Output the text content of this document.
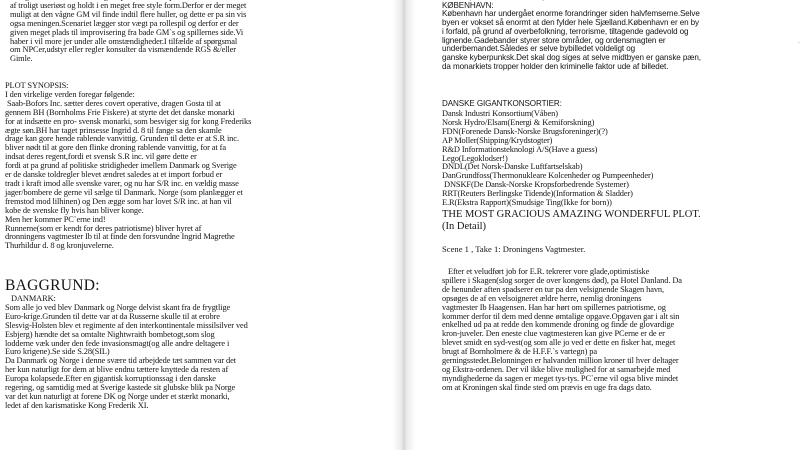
af troligt useriøst og holdt i en meget free style form.Derfor er der meget
muligt at den vågne GM vil finde indtil flere huller, og dette er pa sin vis
ogsa meningen.Scenariet lægger stor vægt pa rollespil og derfor er der
given meget plads til improvisering fra bade GM`s og spillernes side.Vi
haber i vil more jer under alle omstændigheder.I tilfælde af spørgsmal
om NPCer,udstyr eller regler konsulter da vismændende RGS &/eller
Gimle.

PLOT SYNOPSIS:
I den virkelige verden foregar følgende:
Saab-Bofors Inc. sætter deres covert operative, dragen Gosta til at
gennem BH (Bornholms Frie Fiskere) at styrte det det danske monarki
for at indsætte en pro- svensk monarki, som besviger sig for kong Frederiks
ægte søn.BH har taget prinsesse Ingrid d. 8 til fange sa den skamle
drage kan gore hende rablende vanvittig. Grunden til dette er at S.R inc.
bliver nødt til at gore den flinke droning rablende vanvittig, for at fa
indsat deres regent,fordi et svensk S.R inc. vil gøre dette er
fordi at pa grund af politiske stridigheder imellem Danmark og Sverige
er de danske toldregler blevet ændret saledes at et import forbud er
tradt i kraft imod alle svenske varer, og nu har S/R inc. en vældig masse
jager/bombere de gerne vil sælge til Danmark. Norge (som planlægger et
fremstod mod lilhinen) og Den ægge som har lovet S/R inc. at han vil
kobe de svenske fly hvis han bliver konge.
Men her kommer PC`erne ind!
Runnerne(som er kendt for deres patriotisme) bliver hyret af
dronningens vagtmester Ib til at finde den forsvundne Ingrid Magrethe
Thurhildur d. 8 og kronjuvelerne.

BAGGRUND:

DANMARK:
Som alle jo ved blev Danmark og Norge delvist skant fra de frygtlige
Euro-krige.Grunden til dette var at da Russerne skulle til at erobre
Slesvig-Holsten blev et regimente af den interkontinentale missilsilver ved
Esbjerg) hændte det sa omtalte Nightwraith bombetogt,som slog
lodderne væk under den fede invasionsmagt(og alle andre deltagere i
Euro krigene).Se side S.28(SIL)
Da Danmark og Norge i denne svære tid arbejdede tæt sammen var det
her kun naturligt for dem at blive endnu tættere knyttede da resten af
Europa kolapsede.Efter en gigantisk korruptionssag i den danske
regering, og samtidig med at Sverige kastede sit glubske blik pa Norge
var det kun naturligt at forene DK og Norge under et stærkt monarki,
ledet af den karismatiske Kong Frederik XI.

KØBENHAVN:
København har undergået enorme forandringer siden halvfemserne.Selve
byen er vokset så enormt at den fylder hele Sjælland.København er en by
i forfald, på grund af overbefolkning, terrorisme, tiltagende gadevold og
lignende.Gadebander styrer store områder, og ordensmagten er
underbemandet.Således er selve bybilledet voldeligt og
ganske kyberpunksk.Det skal dog siges at selve midtbyen er ganske pæn,
da monarkiets tropper holder den kriminelle faktor ude af billedet.

DANSKE GIGANTKONSORTIER:

Dansk Industri Konsortium(Våben)
Norsk Hydro/Elsam(Energi & Kemiforskning)
FDN(Forenede Dansk-Norske Brugsforeninger)(?)
AP Moller(Shipping/Krydstogter)
R&D Informationsteknologi A/S(Have a guess)
Lego(Legoklodser!)
DNDL(Det Norsk-Danske Luftfartselskab)
DanGrundfoss(Thermonukleare Kolcenheder og Pumpeenheder)
DNSKF(De Dansk-Norske Kropsforbedrende Systemer)
RRT(Reuters Berlingske Tidende)(Information & Sladder)
E.R(Ekstra Rapport)(Smudsige Ting(Ikke for born))

THE MOST GRACIOUS AMAZING WONDERFUL PLOT.

(In Detail)

Scene 1 , Take 1: Droningens Vagtmester.

Efter et veludført job for E.R. tekrerer vore glade,optimistiske
spillere i Skagen(slog sorger de over kongens død), pa Hotel Danland. Da
de henunder aften spadserer en tur pa den velsignende Skagen havn,
opsøges de af en velsoigneret ældre herre, nemlig droningens
vagtmester Ib Haagensen. Han har hørt om spillernes patriotisme, og
kommer derfor til dem med denne ømtalige opgave.Opgaven gar i alt sin
enkelhed ud pa at redde den kommende droning og finde de glovardige
kron-juveler. Den eneste clue vagtmesteren kan give PCerne er de er
blevet smidt en syd-vest(og som alle jo ved er dette en fisker hat, meget
brugt af Bornholmere & de H.F.F.`s vartegn) pa
gerningsstedet.Belonningen er halvanden million kroner til hver deltager
og Ekstra-ordenen. Der vil ikke blive mulighed for at samarbejde med
myndighederne da sagen er meget tys-tys. PC`erne vil ogsa blive mindet
om at Kroningen skal finde sted om prævis en uge fra dags dato.

.
